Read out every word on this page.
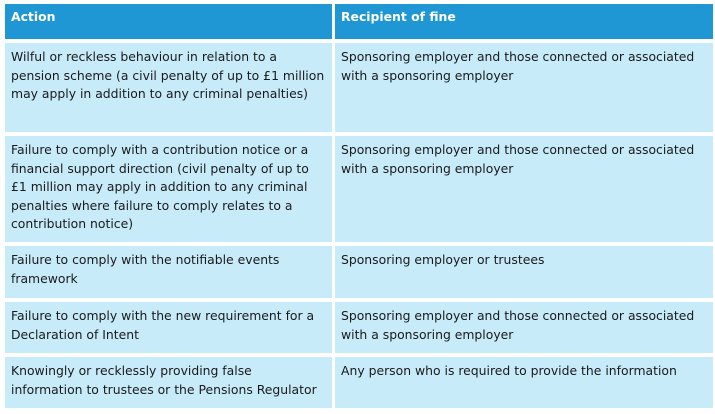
Action	Recipient of fine
Wilful or reckless behaviour in relation to a pension scheme (a civil penalty of up to £1 million may apply in addition to any criminal penalties)
Sponsoring employer and those connected or associated with a sponsoring employer
Failure to comply with a contribution notice or a financial support direction (civil penalty of up to £1 million may apply in addition to any criminal penalties where failure to comply relates to a contribution notice)
Sponsoring employer and those connected or associated with a sponsoring employer
Failure to comply with the notifiable events framework
Sponsoring employer or trustees
Failure to comply with the new requirement for a Declaration of Intent
Sponsoring employer and those connected or associated with a sponsoring employer
Knowingly or recklessly providing false information to trustees or the Pensions Regulator
Any person who is required to provide the information
